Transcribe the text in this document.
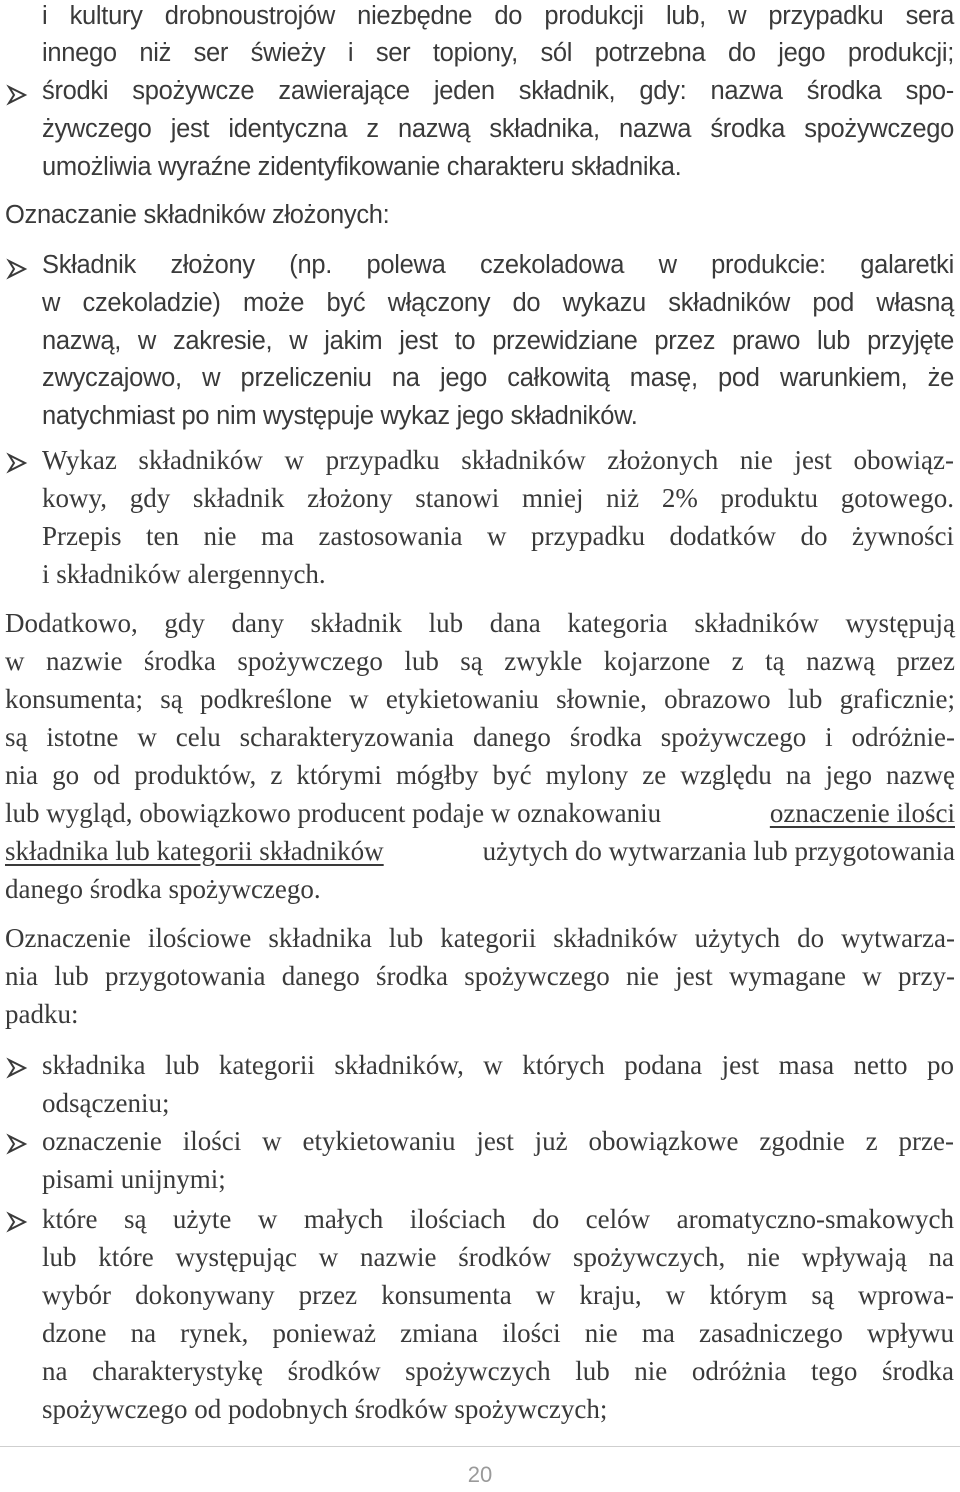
i kultury drobnoustrojów niezbędne do produkcji lub, w przypadku sera
innego niż ser świeży i ser topiony, sól potrzebna do jego produkcji;
środki spożywcze zawierające jeden składnik, gdy: nazwa środka spo-
żywczego jest identyczna z nazwą składnika, nazwa środka spożywczego
umożliwia wyraźne zidentyfikowanie charakteru składnika.
Oznaczanie składników złożonych:
Składnik złożony (np. polewa czekoladowa w produkcie: galaretki
w czekoladzie) może być włączony do wykazu składników pod własną
nazwą, w zakresie, w jakim jest to przewidziane przez prawo lub przyjęte
zwyczajowo, w przeliczeniu na jego całkowitą masę, pod warunkiem, że
natychmiast po nim występuje wykaz jego składników.
Wykaz składników w przypadku składników złożonych nie jest obowiąz-
kowy, gdy składnik złożony stanowi mniej niż 2% produktu gotowego.
Przepis ten nie ma zastosowania w przypadku dodatków do żywności
i składników alergennych.
Dodatkowo, gdy dany składnik lub dana kategoria składników występują
w nazwie środka spożywczego lub są zwykle kojarzone z tą nazwą przez
konsumenta; są podkreślone w etykietowaniu słownie, obrazowo lub graficznie;
są istotne w celu scharakteryzowania danego środka spożywczego i odróżnie-
nia go od produktów, z którymi mógłby być mylony ze względu na jego nazwę
lub wygląd, obowiązkowo producent podaje w oznakowaniu	oznaczenie ilości
składnika lub kategorii składników	użytych do wytwarzania lub przygotowania
danego środka spożywczego.
Oznaczenie ilościowe składnika lub kategorii składników użytych do wytwarza-
nia lub przygotowania danego środka spożywczego nie jest wymagane w przy-
padku:
składnika lub kategorii składników, w których podana jest masa netto po
odsączeniu;
oznaczenie ilości w etykietowaniu jest już obowiązkowe zgodnie z prze-
pisami unijnymi;
które są użyte w małych ilościach do celów aromatyczno-smakowych
lub które występując w nazwie środków spożywczych, nie wpływają na
wybór dokonywany przez konsumenta w kraju, w którym są wprowa-
dzone na rynek, ponieważ zmiana ilości nie ma zasadniczego wpływu
na charakterystykę środków spożywczych lub nie odróżnia tego środka
spożywczego od podobnych środków spożywczych;
20
